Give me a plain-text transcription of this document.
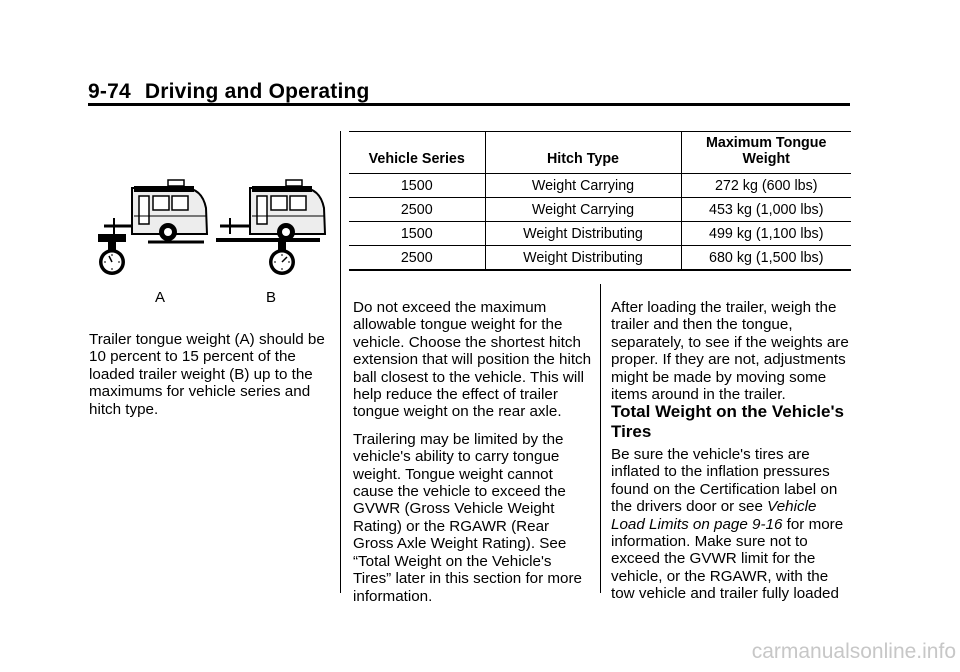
9-74 Driving and Operating
A	B

Trailer tongue weight (A) should be 10 percent to 15 percent of the loaded trailer weight (B) up to the maximums for vehicle series and hitch type.

Vehicle Series	Hitch Type	Maximum Tongue Weight
1500	Weight Carrying	272 kg (600 lbs)
2500	Weight Carrying	453 kg (1,000 lbs)
1500	Weight Distributing	499 kg (1,100 lbs)
2500	Weight Distributing	680 kg (1,500 lbs)

Do not exceed the maximum allowable tongue weight for the vehicle. Choose the shortest hitch extension that will position the hitch ball closest to the vehicle. This will help reduce the effect of trailer tongue weight on the rear axle.

Trailering may be limited by the vehicle's ability to carry tongue weight. Tongue weight cannot cause the vehicle to exceed the GVWR (Gross Vehicle Weight Rating) or the RGAWR (Rear Gross Axle Weight Rating). See “Total Weight on the Vehicle's Tires” later in this section for more information.

After loading the trailer, weigh the trailer and then the tongue, separately, to see if the weights are proper. If they are not, adjustments might be made by moving some items around in the trailer.

Total Weight on the Vehicle's Tires

Be sure the vehicle's tires are inflated to the inflation pressures found on the Certification label on the drivers door or see Vehicle Load Limits on page 9-16 for more information. Make sure not to exceed the GVWR limit for the vehicle, or the RGAWR, with the tow vehicle and trailer fully loaded

carmanualsonline.info
